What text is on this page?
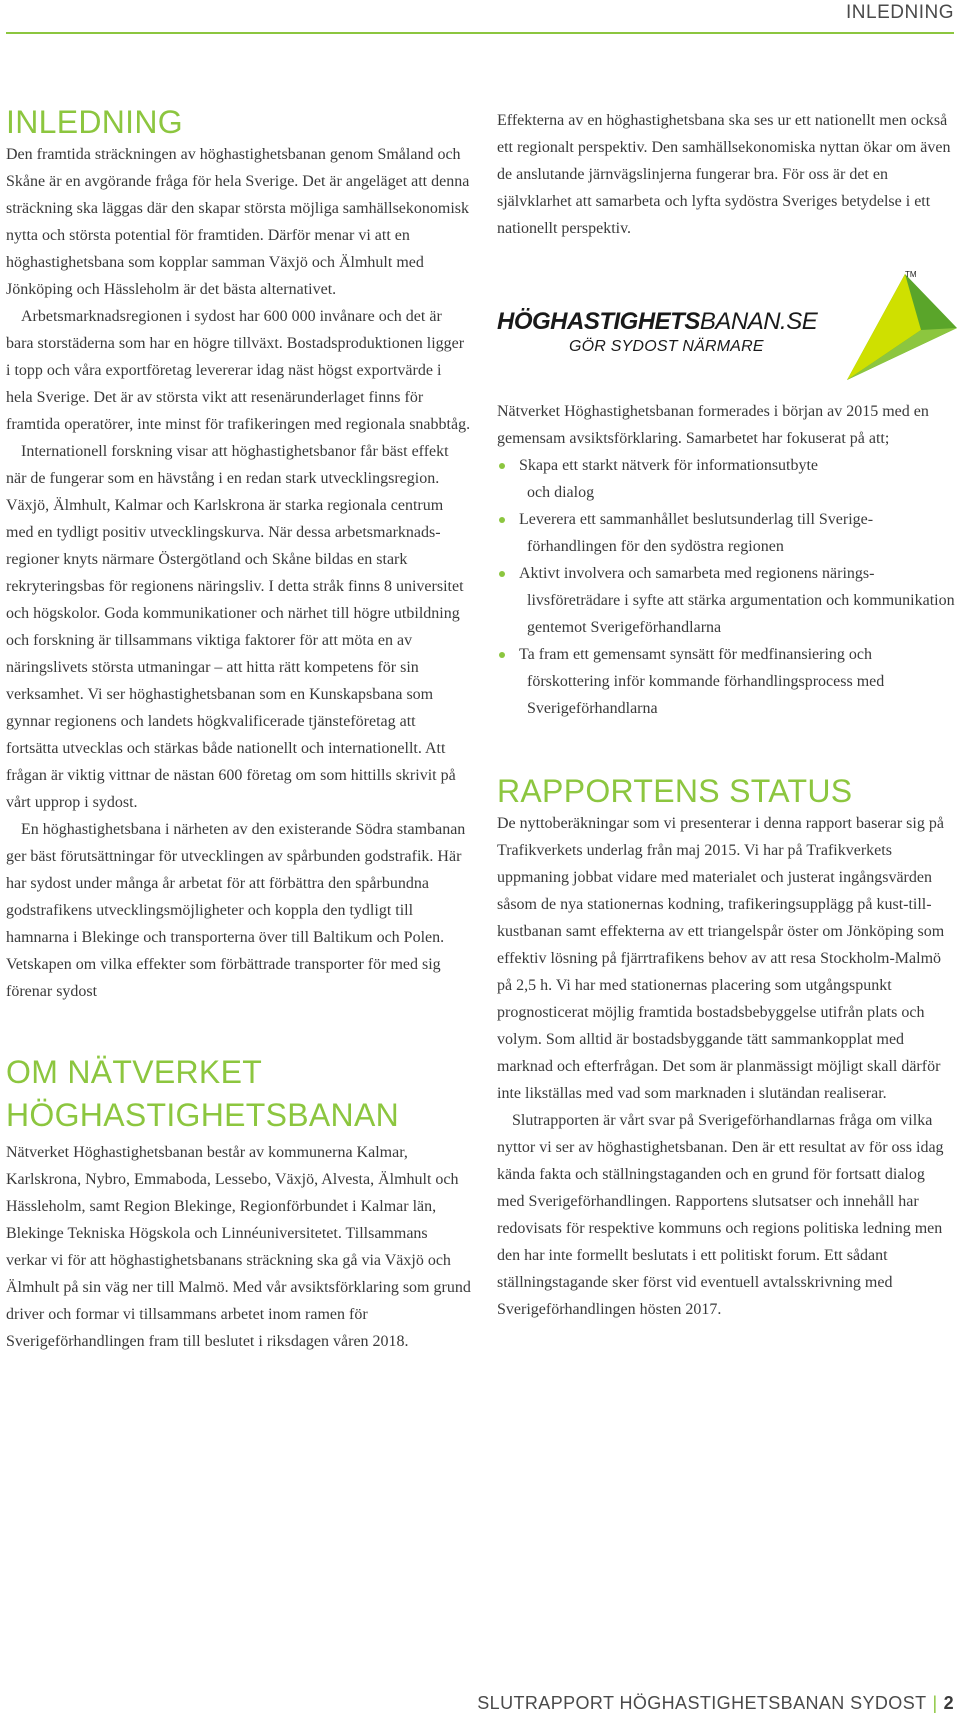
INLEDNING
INLEDNING

Den framtida sträckningen av höghastighetsbanan genom Småland och Skåne är en avgörande fråga för hela Sverige. Det är angeläget att denna sträckning ska läggas där den skapar största möjliga samhällsekonomisk nytta och största potential för framtiden. Därför menar vi att en höghastighetsbana som kopplar samman Växjö och Älmhult med Jönköping och Hässleholm är det bästa alternativet.

Arbetsmarknadsregionen i sydost har 600 000 invånare och det är bara storstäderna som har en högre tillväxt. Bostadsproduktionen ligger i topp och våra exportföretag levererar idag näst högst exportvärde i hela Sverige. Det är av största vikt att resenärunderlaget finns för framtida operatörer, inte minst för trafikeringen med regionala snabbtåg.

Internationell forskning visar att höghastighetsbanor får bäst effekt när de fungerar som en hävstång i en redan stark utvecklingsregion. Växjö, Älmhult, Kalmar och Karlskrona är starka regionala centrum med en tydligt positiv utvecklingskurva. När dessa arbetsmarknads-regioner knyts närmare Östergötland och Skåne bildas en stark rekryteringsbas för regionens näringsliv. I detta stråk finns 8 universitet och högskolor. Goda kommunikationer och närhet till högre utbildning och forskning är tillsammans viktiga faktorer för att möta en av näringslivets största utmaningar – att hitta rätt kompetens för sin verksamhet. Vi ser höghastighetsbanan som en Kunskapsbana som gynnar regionens och landets högkvalificerade tjänsteföretag att fortsätta utvecklas och stärkas både nationellt och internationellt. Att frågan är viktig vittnar de nästan 600 företag om som hittills skrivit på vårt upprop i sydost.

En höghastighetsbana i närheten av den existerande Södra stambanan ger bäst förutsättningar för utvecklingen av spårbunden godstrafik. Här har sydost under många år arbetat för att förbättra den spårbundna godstrafikens utvecklingsmöjligheter och koppla den tydligt till hamnarna i Blekinge och transporterna över till Baltikum och Polen. Vetskapen om vilka effekter som förbättrade transporter för med sig förenar sydost

OM NÄTVERKET
HÖGHASTIGHETSBANAN

Nätverket Höghastighetsbanan består av kommunerna Kalmar, Karlskrona, Nybro, Emmaboda, Lessebo, Växjö, Alvesta, Älmhult och Hässleholm, samt Region Blekinge, Regionförbundet i Kalmar län, Blekinge Tekniska Högskola och Linnéuniversitetet. Tillsammans verkar vi för att höghastighetsbanans sträckning ska gå via Växjö och Älmhult på sin väg ner till Malmö. Med vår avsiktsförklaring som grund driver och formar vi tillsammans arbetet inom ramen för Sverigeförhandlingen fram till beslutet i riksdagen våren 2018.

Effekterna av en höghastighetsbana ska ses ur ett nationellt men också ett regionalt perspektiv. Den samhällsekonomiska nyttan ökar om även de anslutande järnvägslinjerna fungerar bra. För oss är det en självklarhet att samarbeta och lyfta sydöstra Sveriges betydelse i ett nationellt perspektiv.

HÖGHASTIGHETSBANAN.SE
GÖR SYDOST NÄRMARE
TM

Nätverket Höghastighetsbanan formerades i början av 2015 med en gemensam avsiktsförklaring. Samarbetet har fokuserat på att;

Skapa ett starkt nätverk för informationsutbyte
och dialog
Leverera ett sammanhållet beslutsunderlag till Sverige-
förhandlingen för den sydöstra regionen
Aktivt involvera och samarbeta med regionens närings-
livsföreträdare i syfte att stärka argumentation och kommunikation gentemot Sverigeförhandlarna
Ta fram ett gemensamt synsätt för medfinansiering och
förskottering inför kommande förhandlingsprocess med Sverigeförhandlarna
RAPPORTENS STATUS

De nyttoberäkningar som vi presenterar i denna rapport baserar sig på Trafikverkets underlag från maj 2015. Vi har på Trafikverkets uppmaning jobbat vidare med materialet och justerat ingångsvärden såsom de nya stationernas kodning, trafikeringsupplägg på kust-till-kustbanan samt effekterna av ett triangelspår öster om Jönköping som effektiv lösning på fjärrtrafikens behov av att resa Stockholm-Malmö på 2,5 h. Vi har med stationernas placering som utgångspunkt prognosticerat möjlig framtida bostadsbebyggelse utifrån plats och volym. Som alltid är bostadsbyggande tätt sammankopplat med marknad och efterfrågan. Det som är planmässigt möjligt skall därför inte likställas med vad som marknaden i slutändan realiserar.

Slutrapporten är vårt svar på Sverigeförhandlarnas fråga om vilka nyttor vi ser av höghastighetsbanan. Den är ett resultat av för oss idag kända fakta och ställningstaganden och en grund för fortsatt dialog med Sverigeförhandlingen. Rapportens slutsatser och innehåll har redovisats för respektive kommuns och regions politiska ledning men den har inte formellt beslutats i ett politiskt forum. Ett sådant ställningstagande sker först vid eventuell avtalsskrivning med Sverigeförhandlingen hösten 2017.

SLUTRAPPORT HÖGHASTIGHETSBANAN SYDOST | 2
